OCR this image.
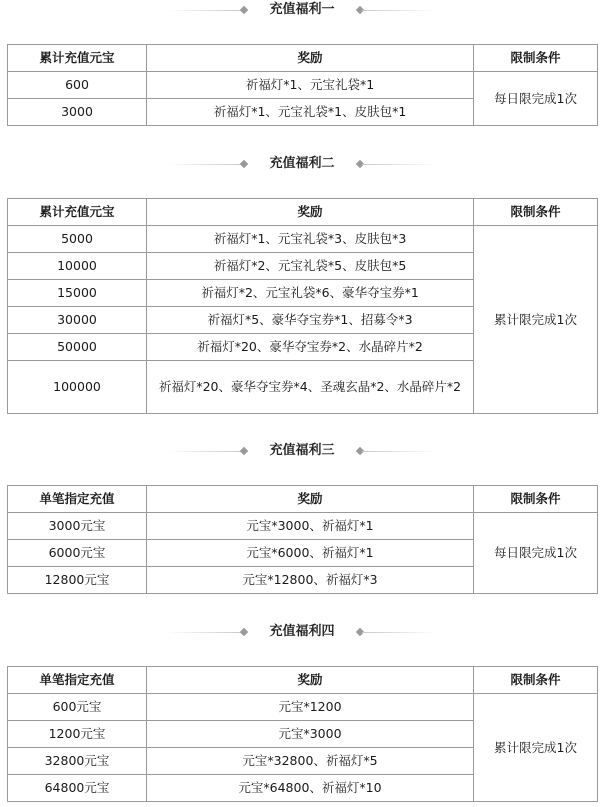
充值福利一
累计充值元宝	奖励	限制条件
600	祈福灯*1、元宝礼袋*1	每日限完成1次
3000	祈福灯*1、元宝礼袋*1、皮肤包*1	
充值福利二
累计充值元宝	奖励	限制条件
5000	祈福灯*1、元宝礼袋*3、皮肤包*3	累计限完成1次
10000	祈福灯*2、元宝礼袋*5、皮肤包*5	
15000	祈福灯*2、元宝礼袋*6、豪华夺宝券*1	
30000	祈福灯*5、豪华夺宝券*1、招募令*3	
50000	祈福灯*20、豪华夺宝券*2、水晶碎片*2	
100000	祈福灯*20、豪华夺宝券*4、圣魂玄晶*2、水晶碎片*2	
充值福利三
单笔指定充值	奖励	限制条件
3000元宝	元宝*3000、祈福灯*1	每日限完成1次
6000元宝	元宝*6000、祈福灯*1	
12800元宝	元宝*12800、祈福灯*3	
充值福利四
单笔指定充值	奖励	限制条件
600元宝	元宝*1200	累计限完成1次
1200元宝	元宝*3000	
32800元宝	元宝*32800、祈福灯*5	
64800元宝	元宝*64800、祈福灯*10	
